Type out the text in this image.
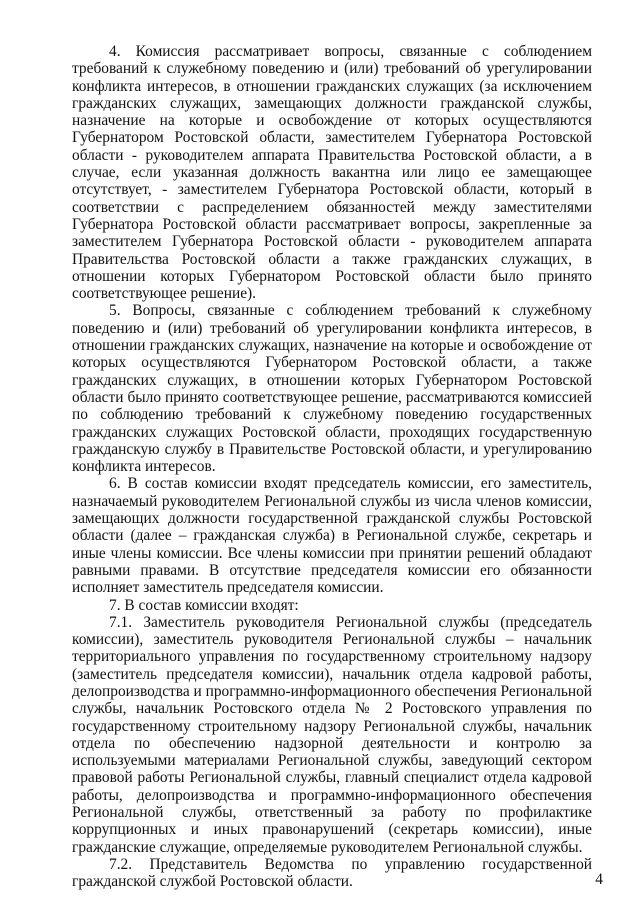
4. Комиссия рассматривает вопросы, связанные с соблюдением требований к служебному поведению и (или) требований об урегулировании конфликта интересов, в отношении гражданских служащих (за исключением гражданских служащих, замещающих должности гражданской службы, назначение на которые и освобождение от которых осуществляются Губернатором Ростовской области, заместителем Губернатора Ростовской области - руководителем аппарата Правительства Ростовской области, а в случае, если указанная должность вакантна или лицо ее замещающее отсутствует, - заместителем Губернатора Ростовской области, который в соответствии с распределением обязанностей между заместителями Губернатора Ростовской области рассматривает вопросы, закрепленные за заместителем Губернатора Ростовской области - руководителем аппарата Правительства Ростовской области а также гражданских служащих, в отношении которых Губернатором Ростовской области было принято соответствующее решение).

5. Вопросы, связанные с соблюдением требований к служебному поведению и (или) требований об урегулировании конфликта интересов, в отношении гражданских служащих, назначение на которые и освобождение от которых осуществляются Губернатором Ростовской области, а также гражданских служащих, в отношении которых Губернатором Ростовской области было принято соответствующее решение, рассматриваются комиссией по соблюдению требований к служебному поведению государственных гражданских служащих Ростовской области, проходящих государственную гражданскую службу в Правительстве Ростовской области, и урегулированию конфликта интересов.

6. В состав комиссии входят председатель комиссии, его заместитель, назначаемый руководителем Региональной службы из числа членов комиссии, замещающих должности государственной гражданской службы Ростовской области (далее – гражданская служба) в Региональной службе, секретарь и иные члены комиссии. Все члены комиссии при принятии решений обладают равными правами. В отсутствие председателя комиссии его обязанности исполняет заместитель председателя комиссии.

7. В состав комиссии входят:

7.1. Заместитель руководителя Региональной службы (председатель комиссии), заместитель руководителя Региональной службы – начальник территориального управления по государственному строительному надзору (заместитель председателя комиссии), начальник отдела кадровой работы, делопроизводства и программно-информационного обеспечения Региональной службы, начальник Ростовского отдела № 2 Ростовского управления по государственному строительному надзору Региональной службы, начальник отдела по обеспечению надзорной деятельности и контролю за используемыми материалами Региональной службы, заведующий сектором правовой работы Региональной службы, главный специалист отдела кадровой работы, делопроизводства и программно-информационного обеспечения Региональной службы, ответственный за работу по профилактике коррупционных и иных правонарушений (секретарь комиссии), иные гражданские служащие, определяемые руководителем Региональной службы.

7.2. Представитель Ведомства по управлению государственной гражданской службой Ростовской области.	4
